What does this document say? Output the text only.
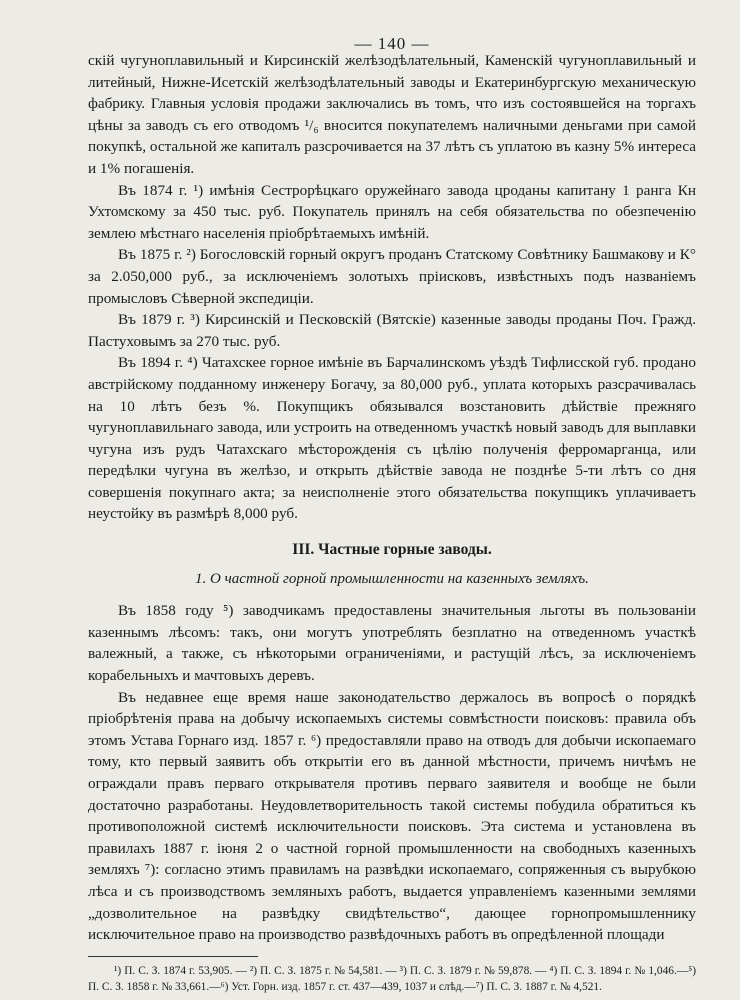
— 140 —

скій чугуноплавильный и Кирсинскій желѣзодѣлательный, Каменскій чугуноплавильный и литейный, Нижне-Исетскій желѣзодѣлательный заводы и Екатеринбургскую механическую фабрику. Главныя условія продажи заключались въ томъ, что изъ состоявшейся на торгахъ цѣны за заводъ съ его отводомъ ¹/₆ вносится покупателемъ наличными деньгами при самой покупкѣ, остальной же капиталъ разсрочивается на 37 лѣтъ съ уплатою въ казну 5% интереса и 1% погашенія.

Въ 1874 г. ¹) имѣнія Сестрорѣцкаго оружейнаго завода цроданы капитану 1 ранга Кн Ухтомскому за 450 тыс. руб. Покупатель принялъ на себя обязательства по обезпеченію землею мѣстнаго населенія пріобрѣтаемыхъ имѣній.

Въ 1875 г. ²) Богословскій горный округъ проданъ Статскому Совѣтнику Башмакову и К° за 2.050,000 руб., за исключеніемъ золотыхъ пріисковъ, извѣстныхъ подъ названіемъ промысловъ Сѣверной экспедиціи.

Въ 1879 г. ³) Кирсинскій и Песковскій (Вятскіе) казенные заводы проданы Поч. Гражд. Пастуховымъ за 270 тыс. руб.

Въ 1894 г. ⁴) Чатахскее горное имѣніе въ Барчалинскомъ уѣздѣ Тифлисской губ. продано австрійскому подданному инженеру Богачу, за 80,000 руб., уплата которыхъ разсрачивалась на 10 лѣтъ безъ %. Покупщикъ обязывался возстановить дѣйствіе прежняго чугуноплавильнаго завода, или устроить на отведенномъ участкѣ новый заводъ для выплавки чугуна изъ рудъ Чатахскаго мѣсторожденія съ цѣлію полученія ферромарганца, или передѣлки чугуна въ желѣзо, и открыть дѣйствіе завода не позднѣе 5-ти лѣтъ со дня совершенія покупнаго акта; за неисполненіе этого обязательства покупщикъ уплачиваетъ неустойку въ размѣрѣ 8,000 руб.

III. Частные горные заводы.
1. О частной горной промышленности на казенныхъ земляхъ.

Въ 1858 году ⁵) заводчикамъ предоставлены значительныя льготы въ пользованіи казеннымъ лѣсомъ: такъ, они могутъ употреблять безплатно на отведенномъ участкѣ валежный, а также, съ нѣкоторыми ограниченіями, и растущій лѣсъ, за исключеніемъ корабельныхъ и мачтовыхъ деревъ.

Въ недавнее еще время наше законодательство держалось въ вопросѣ о порядкѣ пріобрѣтенія права на добычу ископаемыхъ системы совмѣстности поисковъ: правила объ этомъ Устава Горнаго изд. 1857 г. ⁶) предоставляли право на отводъ для добычи ископаемаго тому, кто первый заявитъ объ открытіи его въ данной мѣстности, причемъ ничѣмъ не ограждали правъ перваго открывателя противъ перваго заявителя и вообще не были достаточно разработаны. Неудовлетворительность такой системы побудила обратиться къ противоположной системѣ исключительности поисковъ. Эта система и установлена въ правилахъ 1887 г. іюня 2 о частной горной промышленности на свободныхъ казенныхъ земляхъ ⁷): согласно этимъ правиламъ на развѣдки ископаемаго, сопряженныя съ вырубкою лѣса и съ производствомъ земляныхъ работъ, выдается управленіемъ казенными землями „дозволительное на развѣдку свидѣтельство“, дающее горнопромышленнику исключительное право на производство развѣдочныхъ работъ въ опредѣленной площади

¹) П. С. З. 1874 г. 53,905. — ²) П. С. З. 1875 г. № 54,581. — ³) П. С. З. 1879 г. № 59,878. — ⁴) П. С. З. 1894 г. № 1,046.—⁵) П. С. З. 1858 г. № 33,661.—⁶) Уст. Горн. изд. 1857 г. ст. 437—439, 1037 и слѣд.—⁷) П. С. З. 1887 г. № 4,521.
